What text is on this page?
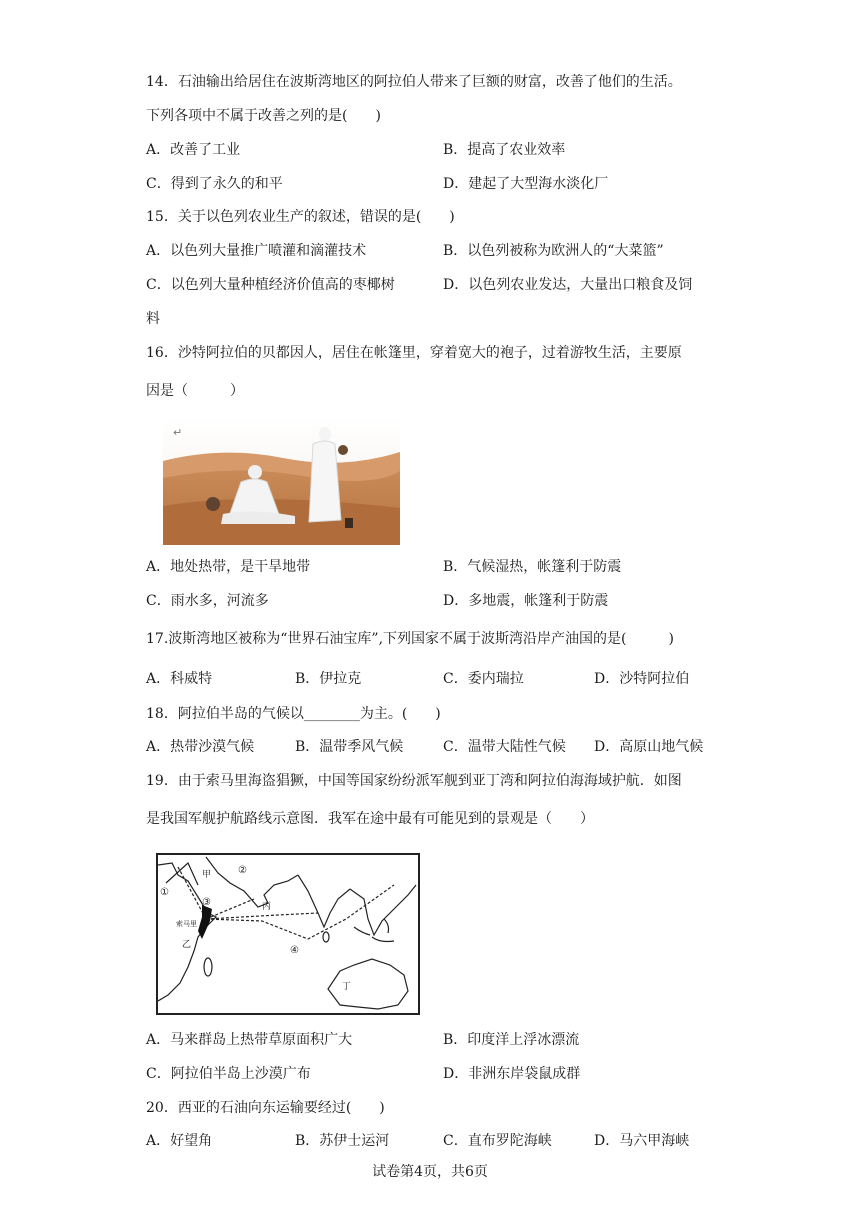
14．石油输出给居住在波斯湾地区的阿拉伯人带来了巨额的财富，改善了他们的生活。
下列各项中不属于改善之列的是(　　)
A．改善了工业	B．提高了农业效率
C．得到了永久的和平	D．建起了大型海水淡化厂
15．关于以色列农业生产的叙述，错误的是(　　)
A．以色列大量推广喷灌和滴灌技术	B．以色列被称为欧洲人的“大菜篮”
C．以色列大量种植经济价值高的枣椰树	D．以色列农业发达，大量出口粮食及饲
料
16．沙特阿拉伯的贝都因人，居住在帐篷里，穿着宽大的袍子，过着游牧生活，主要原
因是（　　　）
↵
A．地处热带，是干旱地带	B．气候湿热，帐篷利于防震
C．雨水多，河流多	D．多地震，帐篷利于防震
17.波斯湾地区被称为“世界石油宝库”,下列国家不属于波斯湾沿岸产油国的是(　　　)
A．科威特	B．伊拉克	C．委内瑞拉	D．沙特阿拉伯
18．阿拉伯半岛的气候以________为主。(　　)
A．热带沙漠气候	B．温带季风气候	C．温带大陆性气候 D．高原山地气候
19．由于索马里海盗猖獗，中国等国家纷纷派军舰到亚丁湾和阿拉伯海海域护航．如图
是我国军舰护航路线示意图．我军在途中最有可能见到的景观是（　　）
甲	②
①
③	丙
索马里
乙	④
丁
A．马来群岛上热带草原面积广大	B．印度洋上浮冰漂流
C．阿拉伯半岛上沙漠广布	D．非洲东岸袋鼠成群
20．西亚的石油向东运输要经过(　　)
A．好望角	B．苏伊士运河	C．直布罗陀海峡	D．马六甲海峡
试卷第4页，共6页
